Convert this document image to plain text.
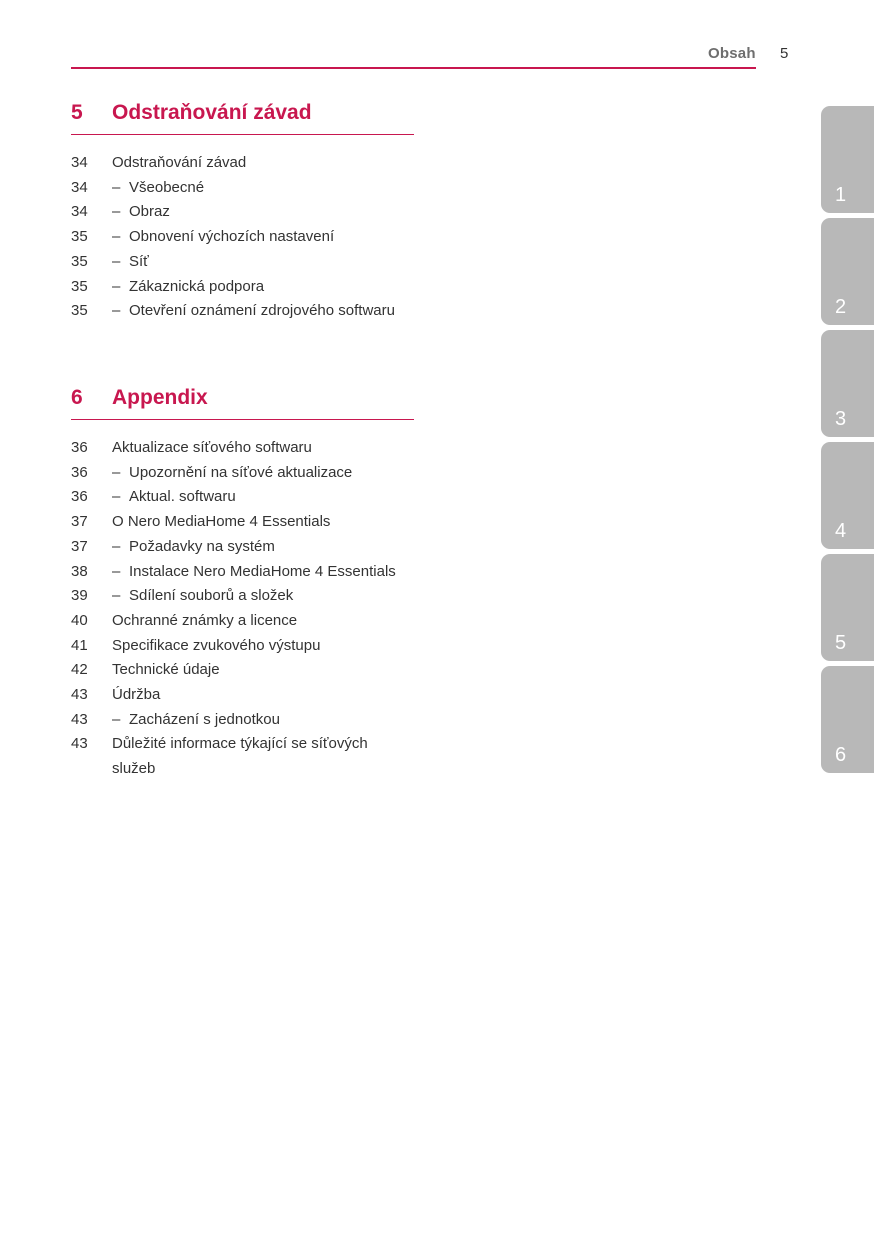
Obsah 5
5 Odstraňování závad
34 Odstraňování závad
34 – Všeobecné
34 – Obraz
35 – Obnovení výchozích nastavení
35 – Síť
35 – Zákaznická podpora
35 – Otevření oznámení zdrojového softwaru
6 Appendix
36 Aktualizace síťového softwaru
36 – Upozornění na síťové aktualizace
36 – Aktual. softwaru
37 O Nero MediaHome 4 Essentials
37 – Požadavky na systém
38 – Instalace Nero MediaHome 4 Essentials
39 – Sdílení souborů a složek
40 Ochranné známky a licence
41 Specifikace zvukového výstupu
42 Technické údaje
43 Údržba
43 – Zacházení s jednotkou
43 Důležité informace týkající se síťových služeb
1
2
3
4
5
6
